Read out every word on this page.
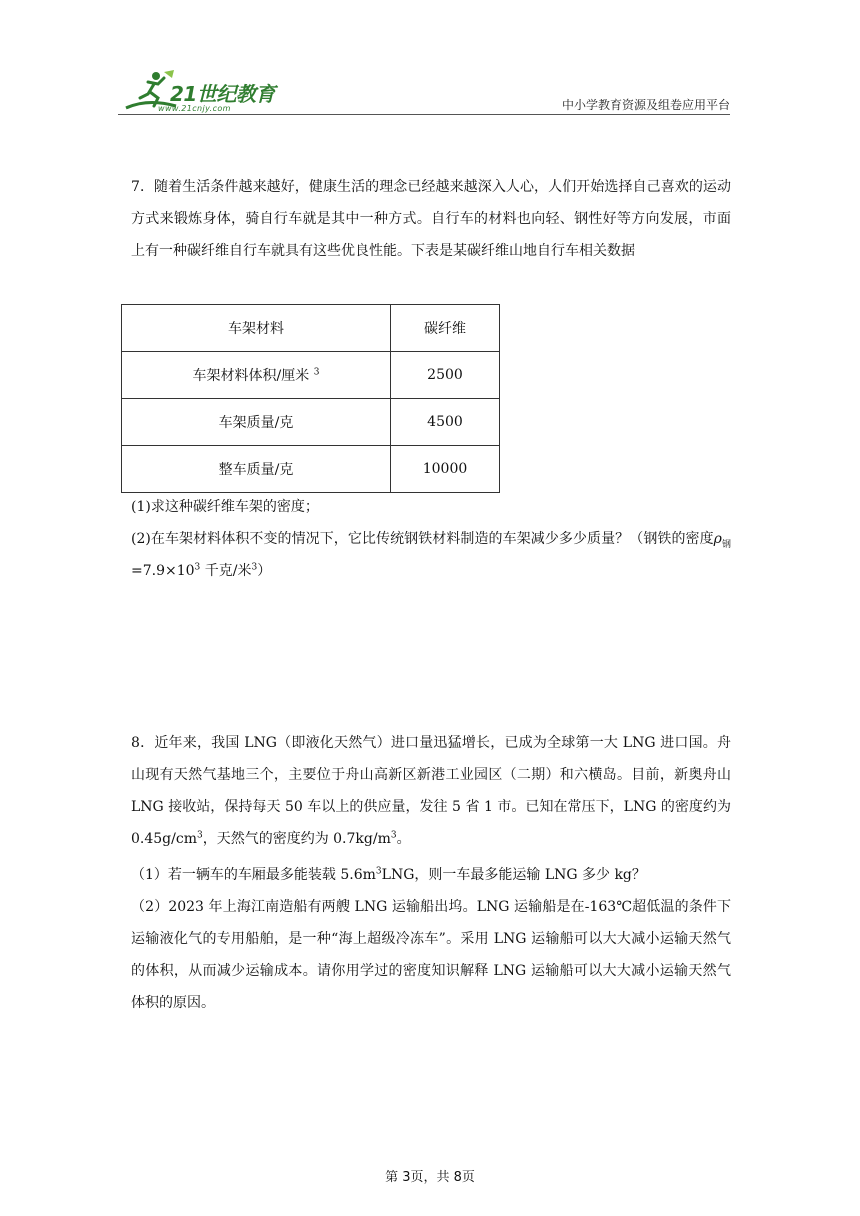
21世纪教育
www.21cnjy.com	中小学教育资源及组卷应用平台
7．随着生活条件越来越好，健康生活的理念已经越来越深入人心，人们开始选择自己喜欢的运动方式来锻炼身体，骑自行车就是其中一种方式。自行车的材料也向轻、钢性好等方向发展，市面上有一种碳纤维自行车就具有这些优良性能。下表是某碳纤维山地自行车相关数据
车架材料	碳纤维
车架材料体积/厘米 $^3$	2500
车架质量/克	4500
整车质量/克	10000
(1)求这种碳纤维车架的密度；
(2)在车架材料体积不变的情况下，它比传统钢铁材料制造的车架减少多少质量？（钢铁的密度$\rho_钢=7.9\times 10^3$ 千克/米$^3$）
8．近年来，我国 LNG（即液化天然气）进口量迅猛增长，已成为全球第一大 LNG 进口国。舟山现有天然气基地三个，主要位于舟山高新区新港工业园区（二期）和六横岛。目前，新奥舟山 LNG 接收站，保持每天 50 车以上的供应量，发往 5 省 1 市。已知在常压下，LNG 的密度约为 $0.45g/cm^3$，天然气的密度约为 $0.7kg/m^3$。
（1）若一辆车的车厢最多能装载 $5.6m^3LNG$，则一车最多能运输 LNG 多少 kg？
（2）2023 年上海江南造船有两艘 LNG 运输船出坞。LNG 运输船是在-163℃超低温的条件下运输液化气的专用船舶，是一种“海上超级冷冻车”。采用 LNG 运输船可以大大减小运输天然气的体积，从而减少运输成本。请你用学过的密度知识解释 LNG 运输船可以大大减小运输天然气体积的原因。
第 3页，共 8页
